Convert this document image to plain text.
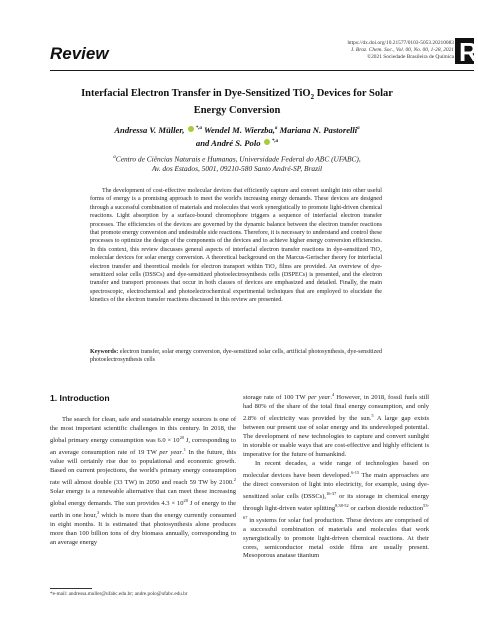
Review
https://dx.doi.org/10.21577/0103-5053.20210083
J. Braz. Chem. Soc., Vol. 00, No. 00, 1-28, 2021
©2021 Sociedade Brasileira de Química R
Interfacial Electron Transfer in Dye-Sensitized TiO$_2$ Devices for Solar
Energy Conversion
Andressa V. Müller, $^{*,a}$ Wendel M. Wierzba,$^a$ Mariana N. Pastorelli$^a$
and André S. Polo $^{*,a}$
$^a$Centro de Ciências Naturais e Humanas, Universidade Federal do ABC (UFABC),
Av. dos Estados, 5001, 09210-580 Santo André-SP, Brazil

The development of cost-effective molecular devices that efficiently capture and convert sunlight into other useful forms of energy is a promising approach to meet the world's increasing energy demands. These devices are designed through a successful combination of materials and molecules that work synergistically to promote light-driven chemical reactions. Light absorption by a surface-bound chromophore triggers a sequence of interfacial electron transfer processes. The efficiencies of the devices are governed by the dynamic balance between the electron transfer reactions that promote energy conversion and undesirable side reactions. Therefore, it is necessary to understand and control these processes to optimize the design of the components of the devices and to achieve higher energy conversion efficiencies. In this context, this review discusses general aspects of interfacial electron transfer reactions in dye-sensitized TiO₂ molecular devices for solar energy conversion. A theoretical background on the Marcus-Gerischer theory for interfacial electron transfer and theoretical models for electron transport within TiO₂ films are provided. An overview of dye-sensitized solar cells (DSSCs) and dye-sensitized photoelectrosynthesis cells (DSPECs) is presented, and the electron transfer and transport processes that occur in both classes of devices are emphasized and detailed. Finally, the main spectroscopic, electrochemical and photoelectrochemical experimental techniques that are employed to elucidate the kinetics of the electron transfer reactions discussed in this review are presented.

Keywords: electron transfer, solar energy conversion, dye-sensitized solar cells, artificial photosynthesis, dye-sensitized photoelectrosynthesis cells
1. Introduction

The search for clean, safe and sustainable energy sources is one of the most important scientific challenges in this century. In 2018, the global primary energy consumption was $6.0 \times 10^{20}$ J, corresponding to an average consumption rate of 19 TW per year.$^1$ In the future, this value will certainly rise due to populational and economic growth. Based on current projections, the world's primary energy consumption rate will almost double (33 TW) in 2050 and reach 59 TW by 2100.$^2$ Solar energy is a renewable alternative that can meet these increasing global energy demands. The sun provides $4.3 \times 10^{20}$ J of energy to the earth in one hour,$^3$ which is more than the energy currently consumed in eight months. It is estimated that photosynthesis alone produces more than 100 billion tons of dry biomass annually, corresponding to an average energy

storage rate of 100 TW per year.$^4$ However, in 2018, fossil fuels still had 80% of the share of the total final energy consumption, and only 2.8% of electricity was provided by the sun.$^5$ A large gap exists between our present use of solar energy and its undeveloped potential. The development of new technologies to capture and convert sunlight in storable or usable ways that are cost-effective and highly efficient is imperative for the future of humankind.

In recent decades, a wide range of technologies based on molecular devices have been developed.$^{6-15}$ The main approaches are the direct conversion of light into electricity, for example, using dye-sensitized solar cells (DSSCs),$^{16-37}$ or its storage in chemical energy through light-driven water splitting$^{8,38-52}$ or carbon dioxide reduction$^{53-67}$ in systems for solar fuel production. These devices are comprised of a successful combination of materials and molecules that work synergistically to promote light-driven chemical reactions. At their cores, semiconductor metal oxide films are usually present. Mesoporous anatase titanium

*e-mail: andressa.muller@ufabc.edu.br; andre.polo@ufabc.edu.br
